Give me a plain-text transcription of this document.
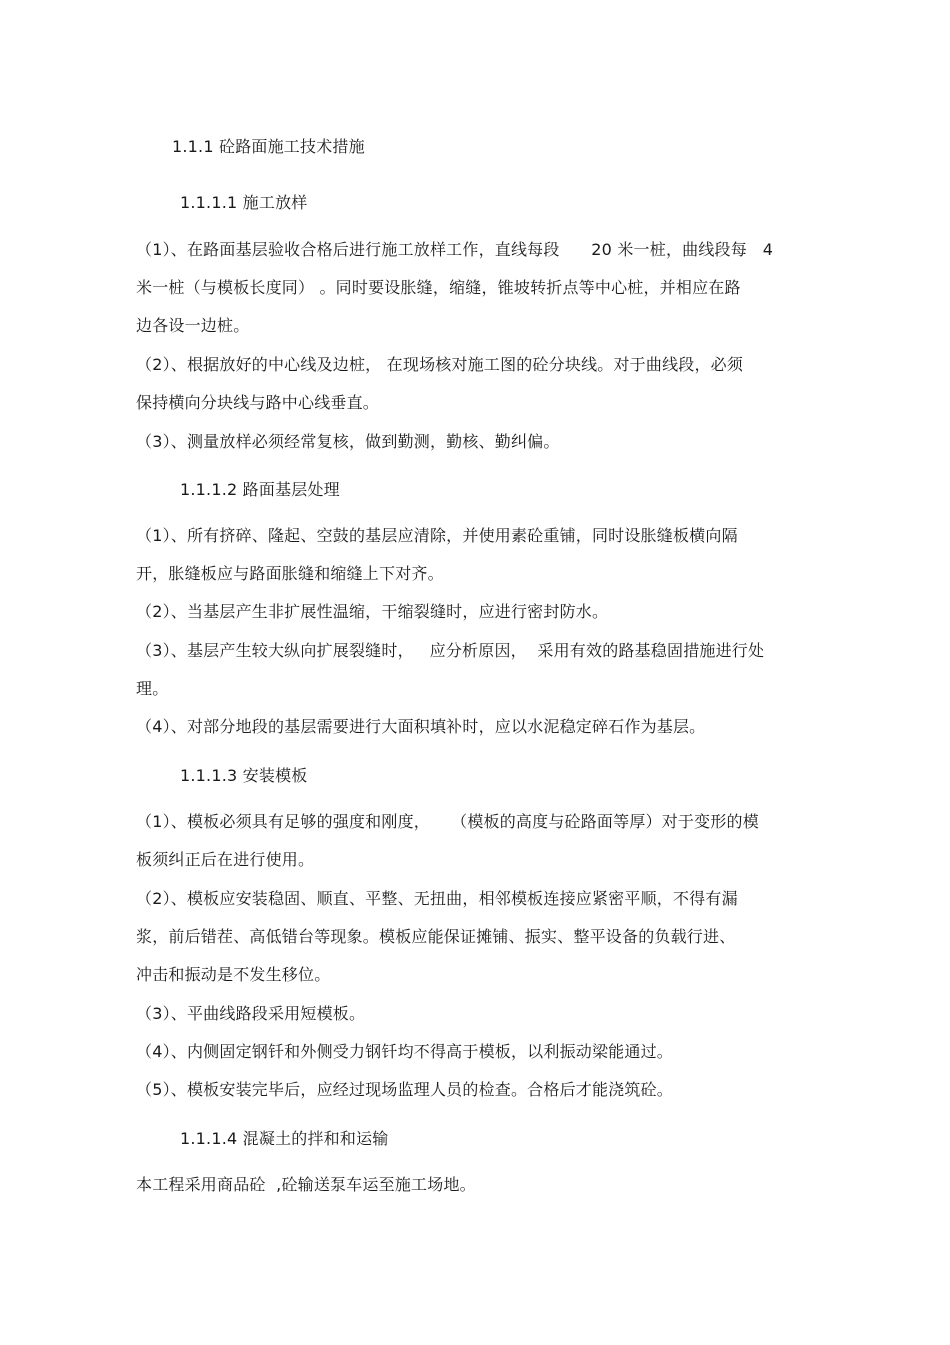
1.1.1 砼路面施工技术措施
1.1.1.1 施工放样
（1）、在路面基层验收合格后进行施工放样工作，直线每段      20 米一桩，曲线段每   4
米一桩（与模板长度同） 。同时要设胀缝，缩缝，锥坡转折点等中心桩，并相应在路
边各设一边桩。
（2）、根据放好的中心线及边桩， 在现场核对施工图的砼分块线。对于曲线段，必须
保持横向分块线与路中心线垂直。
（3）、测量放样必须经常复核，做到勤测，勤核、勤纠偏。
1.1.1.2 路面基层处理
（1）、所有挤碎、隆起、空鼓的基层应清除，并使用素砼重铺，同时设胀缝板横向隔
开，胀缝板应与路面胀缝和缩缝上下对齐。
（2）、当基层产生非扩展性温缩，干缩裂缝时，应进行密封防水。
（3）、基层产生较大纵向扩展裂缝时，   应分析原因，  采用有效的路基稳固措施进行处
理。
（4）、对部分地段的基层需要进行大面积填补时，应以水泥稳定碎石作为基层。
1.1.1.3 安装模板
（1）、模板必须具有足够的强度和刚度，    （模板的高度与砼路面等厚）对于变形的模
板须纠正后在进行使用。
（2）、模板应安装稳固、顺直、平整、无扭曲，相邻模板连接应紧密平顺，不得有漏
浆，前后错茬、高低错台等现象。模板应能保证摊铺、振实、整平设备的负载行进、
冲击和振动是不发生移位。
（3）、平曲线路段采用短模板。
（4）、内侧固定钢钎和外侧受力钢钎均不得高于模板，以利振动梁能通过。
（5）、模板安装完毕后，应经过现场监理人员的检查。合格后才能浇筑砼。
1.1.1.4 混凝土的拌和和运输
本工程采用商品砼  ,砼输送泵车运至施工场地。
